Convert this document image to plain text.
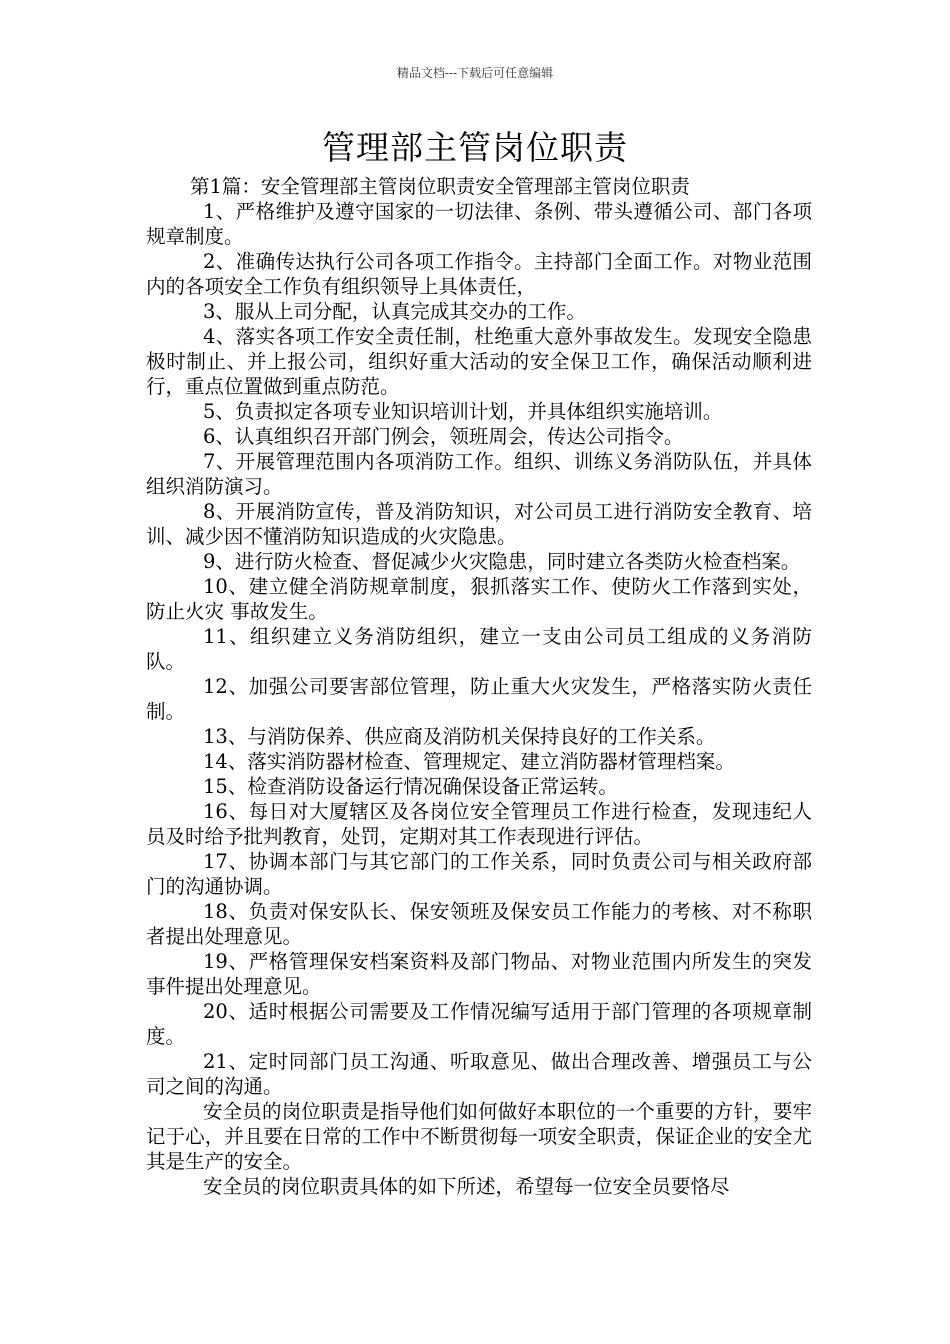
精品文档---下载后可任意编辑
管理部主管岗位职责

第1篇：安全管理部主管岗位职责安全管理部主管岗位职责

1、严格维护及遵守国家的一切法律、条例、带头遵循公司、部门各项规章制度。

2、准确传达执行公司各项工作指令。主持部门全面工作。对物业范围内的各项安全工作负有组织领导上具体责任，

3、服从上司分配，认真完成其交办的工作。

4、落实各项工作安全责任制，杜绝重大意外事故发生。发现安全隐患极时制止、并上报公司，组织好重大活动的安全保卫工作，确保活动顺利进行，重点位置做到重点防范。

5、负责拟定各项专业知识培训计划，并具体组织实施培训。

6、认真组织召开部门例会，领班周会，传达公司指令。

7、开展管理范围内各项消防工作。组织、训练义务消防队伍，并具体组织消防演习。

8、开展消防宣传，普及消防知识，对公司员工进行消防安全教育、培训、减少因不懂消防知识造成的火灾隐患。

9、进行防火检查、督促减少火灾隐患，同时建立各类防火检查档案。

10、建立健全消防规章制度，狠抓落实工作、使防火工作落到实处，防止火灾 事故发生。

11、组织建立义务消防组织，建立一支由公司员工组成的义务消防队。

12、加强公司要害部位管理，防止重大火灾发生，严格落实防火责任制。

13、与消防保养、供应商及消防机关保持良好的工作关系。

14、落实消防器材检查、管理规定、建立消防器材管理档案。

15、检查消防设备运行情况确保设备正常运转。

16、每日对大厦辖区及各岗位安全管理员工作进行检查，发现违纪人员及时给予批判教育，处罚，定期对其工作表现进行评估。

17、协调本部门与其它部门的工作关系，同时负责公司与相关政府部门的沟通协调。

18、负责对保安队长、保安领班及保安员工作能力的考核、对不称职者提出处理意见。

19、严格管理保安档案资料及部门物品、对物业范围内所发生的突发事件提出处理意见。

20、适时根据公司需要及工作情况编写适用于部门管理的各项规章制度。

21、定时同部门员工沟通、听取意见、做出合理改善、增强员工与公司之间的沟通。

安全员的岗位职责是指导他们如何做好本职位的一个重要的方针，要牢记于心，并且要在日常的工作中不断贯彻每一项安全职责，保证企业的安全尤其是生产的安全。

安全员的岗位职责具体的如下所述，希望每一位安全员要恪尽
